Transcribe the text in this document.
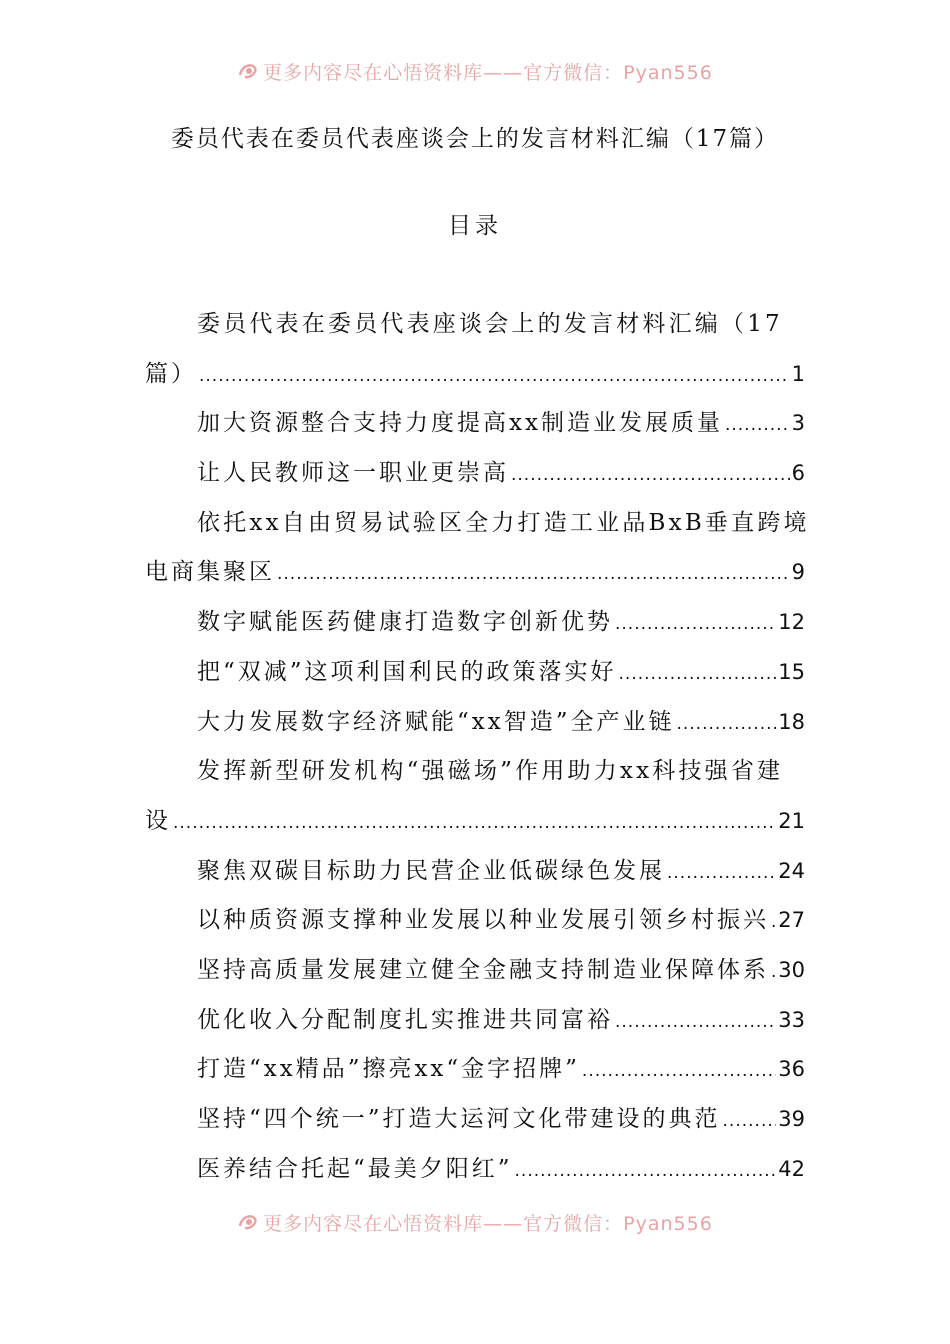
更多内容尽在心悟资料库——官方微信：Pyan556
委员代表在委员代表座谈会上的发言材料汇编（17篇）
目录
委员代表在委员代表座谈会上的发言材料汇编（17
篇） .....	1
加大资源整合支持力度提高xx制造业发展质量 .....	3
让人民教师这一职业更崇高 .....	6
依托xx自由贸易试验区全力打造工业品BxB垂直跨境
电商集聚区 .....	9
数字赋能医药健康打造数字创新优势 .....	12
把“双减”这项利国利民的政策落实好 .....	15
大力发展数字经济赋能“xx智造”全产业链 .....	18
发挥新型研发机构“强磁场”作用助力xx科技强省建
设 .....	21
聚焦双碳目标助力民营企业低碳绿色发展 .....	24
以种质资源支撑种业发展以种业发展引领乡村振兴 ..... 27
坚持高质量发展建立健全金融支持制造业保障体系 ..... 30
优化收入分配制度扎实推进共同富裕 .....	33
打造“xx精品”擦亮xx“金字招牌” .....	36
坚持“四个统一”打造大运河文化带建设的典范 .....	39
医养结合托起“最美夕阳红” .....	42
更多内容尽在心悟资料库——官方微信：Pyan556
